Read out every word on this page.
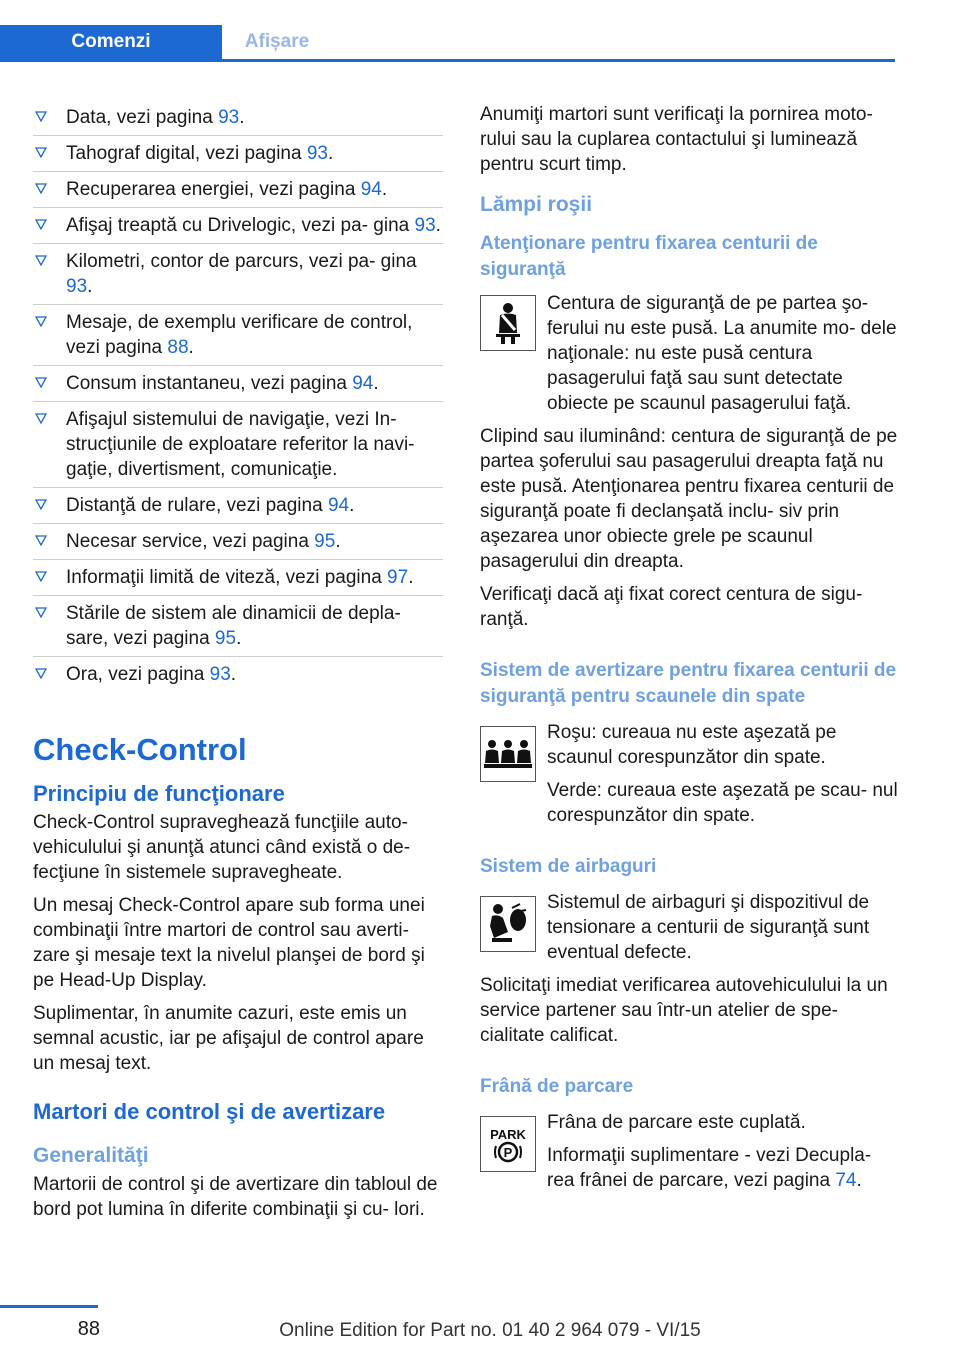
Comenzi	Afișare
Data, vezi pagina 93.
Tahograf digital, vezi pagina 93.
Recuperarea energiei, vezi pagina 94.
Afişaj treaptă cu Drivelogic, vezi pa‐ gina 93.
Kilometri, contor de parcurs, vezi pa‐ gina 93.
Mesaje, de exemplu verificare de control, vezi pagina 88.
Consum instantaneu, vezi pagina 94.
Afişajul sistemului de navigaţie, vezi In‐ strucţiunile de exploatare referitor la navi‐ gaţie, divertisment, comunicaţie.
Distanţă de rulare, vezi pagina 94.
Necesar service, vezi pagina 95.
Informaţii limită de viteză, vezi pagina 97.
Stările de sistem ale dinamicii de depla‐ sare, vezi pagina 95.
Ora, vezi pagina 93.
Check-Control
Principiu de funcţionare

Check-Control supraveghează funcţiile auto‐ vehiculului şi anunţă atunci când există o de‐ fecţiune în sistemele supravegheate.

Un mesaj Check-Control apare sub forma unei combinaţii între martori de control sau averti‐ zare şi mesaje text la nivelul planşei de bord şi pe Head-Up Display.

Suplimentar, în anumite cazuri, este emis un semnal acustic, iar pe afişajul de control apare un mesaj text.

Martori de control şi de avertizare
Generalităţi

Martorii de control şi de avertizare din tabloul de bord pot lumina în diferite combinaţii şi cu‐ lori.

Anumiţi martori sunt verificaţi la pornirea moto‐ rului sau la cuplarea contactului şi luminează pentru scurt timp.

Lămpi roşii
Atenţionare pentru fixarea centurii de siguranţă

Centura de siguranţă de pe partea şo‐ ferului nu este pusă. La anumite mo‐ dele naţionale: nu este pusă centura pasagerului faţă sau sunt detectate obiecte pe scaunul pasagerului faţă.

Clipind sau iluminând: centura de siguranţă de pe partea şoferului sau pasagerului dreapta faţă nu este pusă. Atenţionarea pentru fixarea centurii de siguranţă poate fi declanşată inclu‐ siv prin aşezarea unor obiecte grele pe scaunul pasagerului din dreapta.

Verificaţi dacă aţi fixat corect centura de sigu‐ ranţă.

Sistem de avertizare pentru fixarea centurii de siguranţă pentru scaunele din spate

Roşu: cureaua nu este aşezată pe scaunul corespunzător din spate.

Verde: cureaua este aşezată pe scau‐ nul corespunzător din spate.

Sistem de airbaguri

Sistemul de airbaguri şi dispozitivul de tensionare a centurii de siguranţă sunt eventual defecte.

Solicitaţi imediat verificarea autovehiculului la un service partener sau într-un atelier de spe‐ cialitate calificat.

Frână de parcare
PARK
P

Frâna de parcare este cuplată.

Informaţii suplimentare - vezi Decupla‐ rea frânei de parcare, vezi pagina 74.

88	Online Edition for Part no. 01 40 2 964 079 - VI/15
